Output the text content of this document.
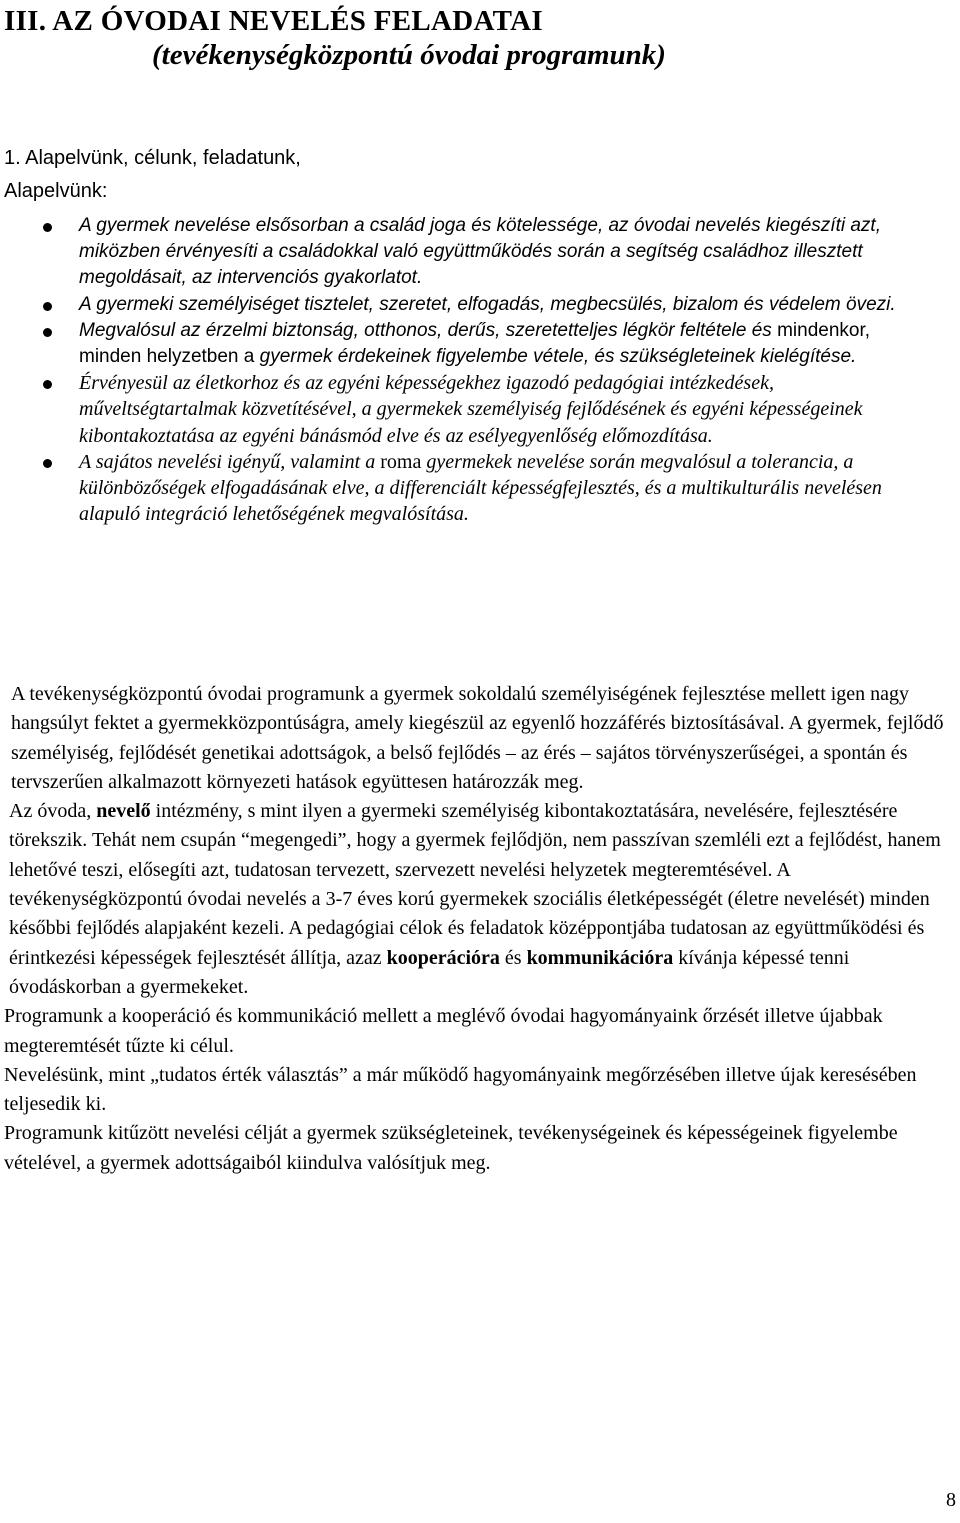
III. AZ ÓVODAI NEVELÉS FELADATAI
(tevékenységközpontú óvodai programunk)
1. Alapelvünk, célunk, feladatunk,
Alapelvünk:
A gyermek nevelése elsősorban a család joga és kötelessége, az óvodai nevelés kiegészíti azt, miközben érvényesíti a családokkal való együttműködés során a segítség családhoz illesztett megoldásait, az intervenciós gyakorlatot.
A gyermeki személyiséget tisztelet, szeretet, elfogadás, megbecsülés, bizalom és védelem övezi.
Megvalósul az érzelmi biztonság, otthonos, derűs, szeretetteljes légkör feltétele és mindenkor, minden helyzetben a gyermek érdekeinek figyelembe vétele, és szükségleteinek kielégítése.
Érvényesül az életkorhoz és az egyéni képességekhez igazodó pedagógiai intézkedések, műveltségtartalmak közvetítésével, a gyermekek személyiség fejlődésének és egyéni képességeinek kibontakoztatása az egyéni bánásmód elve és az esélyegyenlőség előmozdítása.
A sajátos nevelési igényű, valamint a roma gyermekek nevelése során megvalósul a tolerancia, a különbözőségek elfogadásának elve, a differenciált képességfejlesztés, és a multikulturális nevelésen alapuló integráció lehetőségének megvalósítása.

A tevékenységközpontú óvodai programunk a gyermek sokoldalú személyiségének fejlesztése mellett igen nagy hangsúlyt fektet a gyermekközpontúságra, amely kiegészül az egyenlő hozzáférés biztosításával. A gyermek, fejlődő személyiség, fejlődését genetikai adottságok, a belső fejlődés – az érés – sajátos törvényszerűségei, a spontán és tervszerűen alkalmazott környezeti hatások együttesen határozzák meg.

Az óvoda, nevelő intézmény, s mint ilyen a gyermeki személyiség kibontakoztatására, nevelésére, fejlesztésére törekszik. Tehát nem csupán “megengedi”, hogy a gyermek fejlődjön, nem passzívan szemléli ezt a fejlődést, hanem lehetővé teszi, elősegíti azt, tudatosan tervezett, szervezett nevelési helyzetek megteremtésével. A tevékenységközpontú óvodai nevelés a 3-7 éves korú gyermekek szociális életképességét (életre nevelését) minden későbbi fejlődés alapjaként kezeli. A pedagógiai célok és feladatok középpontjába tudatosan az együttműködési és érintkezési képességek fejlesztését állítja, azaz kooperációra és kommunikációra kívánja képessé tenni óvodáskorban a gyermekeket.

Programunk a kooperáció és kommunikáció mellett a meglévő óvodai hagyományaink őrzését illetve újabbak megteremtését tűzte ki célul.

Nevelésünk, mint „tudatos érték választás” a már működő hagyományaink megőrzésében illetve újak keresésében teljesedik ki.

Programunk kitűzött nevelési célját a gyermek szükségleteinek, tevékenységeinek és képességeinek figyelembe vételével, a gyermek adottságaiból kiindulva valósítjuk meg.

8
